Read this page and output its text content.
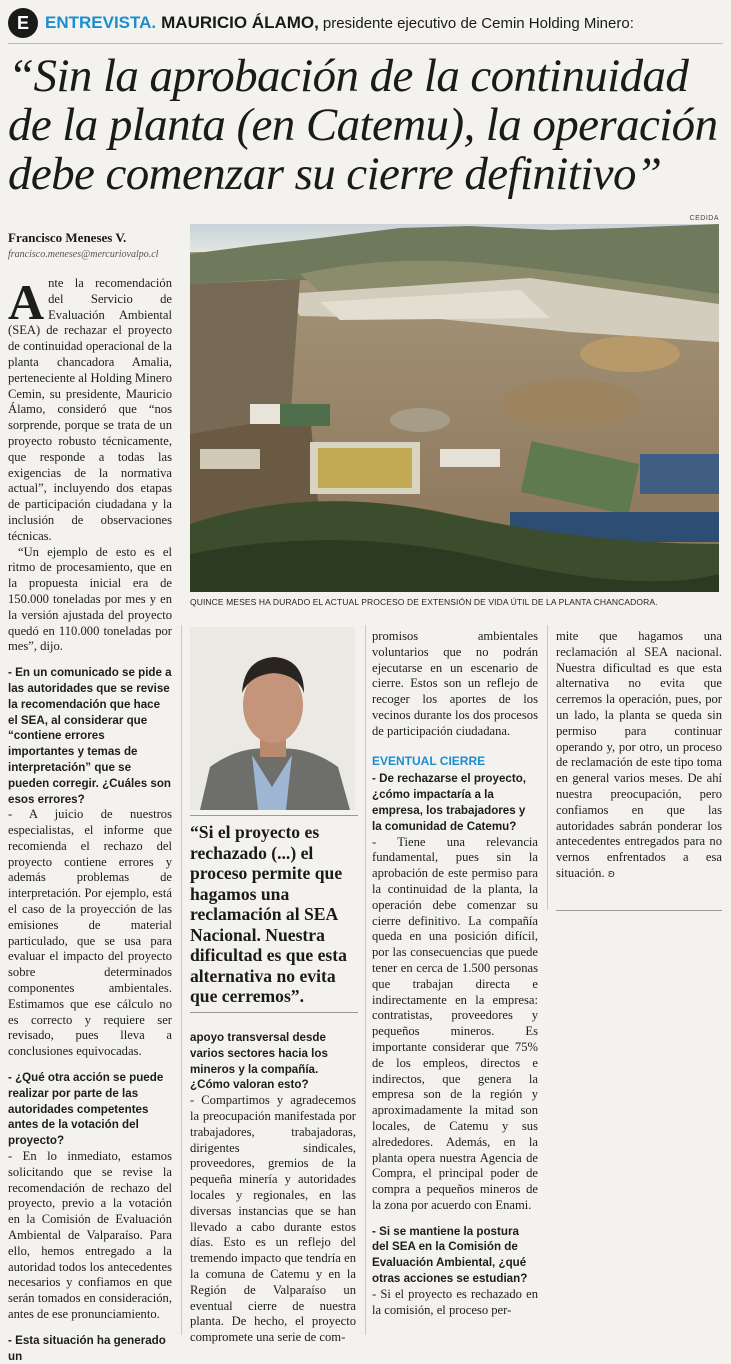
E ENTREVISTA. MAURICIO ÁLAMO, presidente ejecutivo de Cemin Holding Minero:
“Sin la aprobación de la continuidad de la planta (en Catemu), la operación debe comenzar su cierre definitivo”
Francisco Meneses V.
francisco.meneses@mercuriovalpo.cl
CEDIDA
QUINCE MESES HA DURADO EL ACTUAL PROCESO DE EXTENSIÓN DE VIDA ÚTIL DE LA PLANTA CHANCADORA.

Ante la recomendación del Servicio de Evaluación Ambiental (SEA) de rechazar el proyecto de continuidad operacional de la planta chancadora Amalia, perteneciente al Holding Minero Cemin, su presidente, Mauricio Álamo, consideró que “nos sorprende, porque se trata de un proyecto robusto técnicamente, que responde a todas las exigencias de la normativa actual”, incluyendo dos etapas de participación ciudadana y la inclusión de observaciones técnicas.

“Un ejemplo de esto es el ritmo de procesamiento, que en la propuesta inicial era de 150.000 toneladas por mes y en la versión ajustada del proyecto quedó en 110.000 toneladas por mes”, dijo.

- En un comunicado se pide a las autoridades que se revise la recomendación que hace el SEA, al considerar que “contiene errores importantes y temas de interpretación” que se pueden corregir. ¿Cuáles son esos errores?

- A juicio de nuestros especialistas, el informe que recomienda el rechazo del proyecto contiene errores y además problemas de interpretación. Por ejemplo, está el caso de la proyección de las emisiones de material particulado, que se usa para evaluar el impacto del proyecto sobre determinados componentes ambientales. Estimamos que ese cálculo no es correcto y requiere ser revisado, pues lleva a conclusiones equivocadas.

- ¿Qué otra acción se puede realizar por parte de las autoridades competentes antes de la votación del proyecto?

- En lo inmediato, estamos solicitando que se revise la recomendación de rechazo del proyecto, previo a la votación en la Comisión de Evaluación Ambiental de Valparaíso. Para ello, hemos entregado a la autoridad todos los antecedentes necesarios y confiamos en que serán tomados en consideración, antes de ese pronunciamiento.

- Esta situación ha generado un

“Si el proyecto es rechazado (...) el proceso permite que hagamos una reclamación al SEA Nacional. Nuestra dificultad es que esta alternativa no evita que cerremos”.

apoyo transversal desde varios sectores hacia los mineros y la compañía. ¿Cómo valoran esto?

- Compartimos y agradecemos la preocupación manifestada por trabajadores, trabajadoras, dirigentes sindicales, proveedores, gremios de la pequeña minería y autoridades locales y regionales, en las diversas instancias que se han llevado a cabo durante estos días. Esto es un reflejo del tremendo impacto que tendría en la comuna de Catemu y en la Región de Valparaíso un eventual cierre de nuestra planta. De hecho, el proyecto compromete una serie de com-

promisos ambientales voluntarios que no podrán ejecutarse en un escenario de cierre. Estos son un reflejo de recoger los aportes de los vecinos durante los dos procesos de participación ciudadana.

EVENTUAL CIERRE

- De rechazarse el proyecto, ¿cómo impactaría a la empresa, los trabajadores y la comunidad de Catemu?

- Tiene una relevancia fundamental, pues sin la aprobación de este permiso para la continuidad de la planta, la operación debe comenzar su cierre definitivo. La compañía queda en una posición difícil, por las consecuencias que puede tener en cerca de 1.500 personas que trabajan directa e indirectamente en la empresa: contratistas, proveedores y pequeños mineros. Es importante considerar que 75% de los empleos, directos e indirectos, que genera la empresa son de la región y aproximadamente la mitad son locales, de Catemu y sus alrededores. Además, en la planta opera nuestra Agencia de Compra, el principal poder de compra a pequeños mineros de la zona por acuerdo con Enami.

- Si se mantiene la postura del SEA en la Comisión de Evaluación Ambiental, ¿qué otras acciones se estudian?

- Si el proyecto es rechazado en la comisión, el proceso per-

mite que hagamos una reclamación al SEA nacional. Nuestra dificultad es que esta alternativa no evita que cerremos la operación, pues, por un lado, la planta se queda sin permiso para continuar operando y, por otro, un proceso de reclamación de este tipo toma en general varios meses. De ahí nuestra preocupación, pero confiamos en que las autoridades sabrán ponderar los antecedentes entregados para no vernos enfrentados a esa situación. ʚ
